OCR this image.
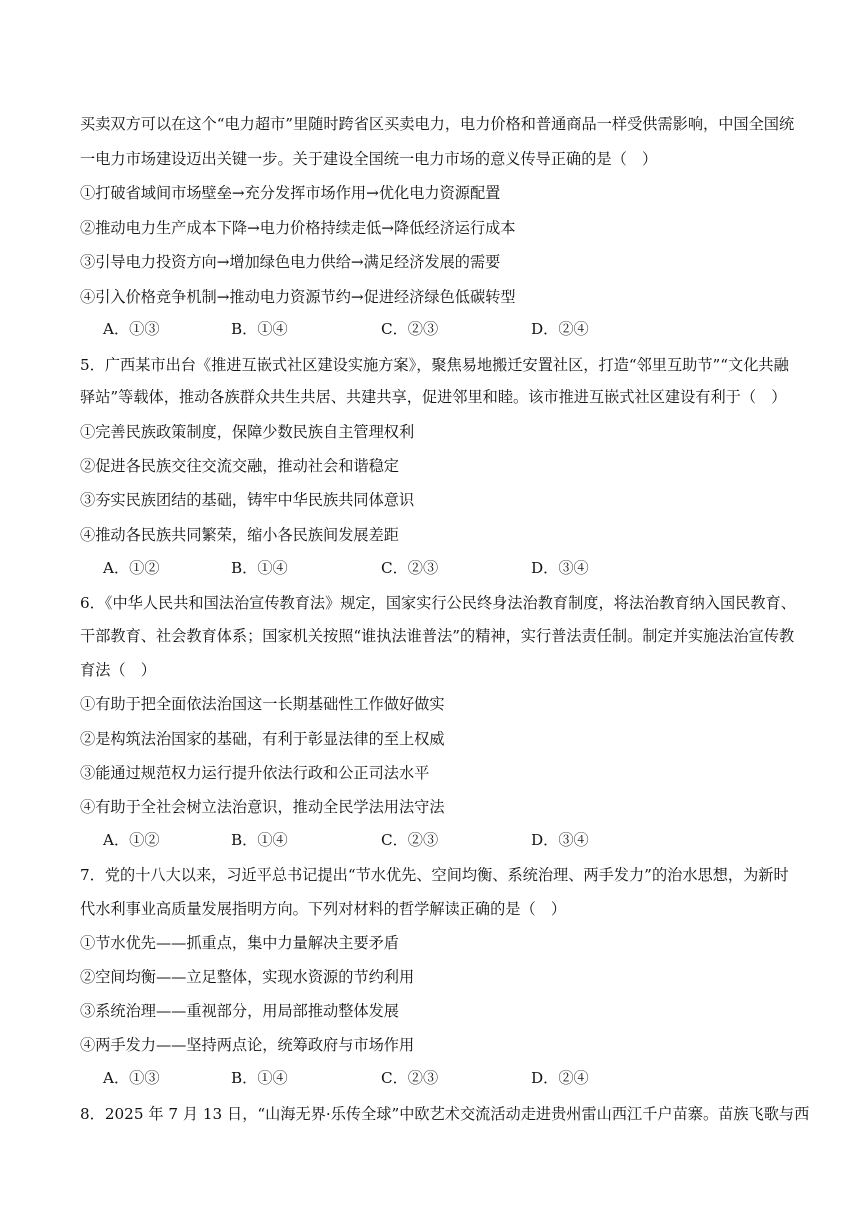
买卖双方可以在这个“电力超市”里随时跨省区买卖电力，电力价格和普通商品一样受供需影响，中国全国统
一电力市场建设迈出关键一步。关于建设全国统一电力市场的意义传导正确的是（　）
①打破省域间市场壁垒→充分发挥市场作用→优化电力资源配置
②推动电力生产成本下降→电力价格持续走低→降低经济运行成本
③引导电力投资方向→增加绿色电力供给→满足经济发展的需要
④引入价格竞争机制→推动电力资源节约→促进经济绿色低碳转型
A．①③	B．①④	C．②③	D．②④
5．广西某市出台《推进互嵌式社区建设实施方案》，聚焦易地搬迁安置社区，打造“邻里互助节”“文化共融
驿站”等载体，推动各族群众共生共居、共建共享，促进邻里和睦。该市推进互嵌式社区建设有利于（　）
①完善民族政策制度，保障少数民族自主管理权利
②促进各民族交往交流交融，推动社会和谐稳定
③夯实民族团结的基础，铸牢中华民族共同体意识
④推动各民族共同繁荣，缩小各民族间发展差距
A．①②	B．①④	C．②③	D．③④
6．《中华人民共和国法治宣传教育法》规定，国家实行公民终身法治教育制度，将法治教育纳入国民教育、
干部教育、社会教育体系；国家机关按照“谁执法谁普法”的精神，实行普法责任制。制定并实施法治宣传教
育法（　）
①有助于把全面依法治国这一长期基础性工作做好做实
②是构筑法治国家的基础，有利于彰显法律的至上权威
③能通过规范权力运行提升依法行政和公正司法水平
④有助于全社会树立法治意识，推动全民学法用法守法
A．①②	B．①④	C．②③	D．③④
7．党的十八大以来，习近平总书记提出“节水优先、空间均衡、系统治理、两手发力”的治水思想，为新时
代水利事业高质量发展指明方向。下列对材料的哲学解读正确的是（　）
①节水优先——抓重点，集中力量解决主要矛盾
②空间均衡——立足整体，实现水资源的节约利用
③系统治理——重视部分，用局部推动整体发展
④两手发力——坚持两点论，统筹政府与市场作用
A．①③	B．①④	C．②③	D．②④
8．2025 年 7 月 13 日，“山海无界·乐传全球”中欧艺术交流活动走进贵州雷山西江千户苗寨。苗族飞歌与西
